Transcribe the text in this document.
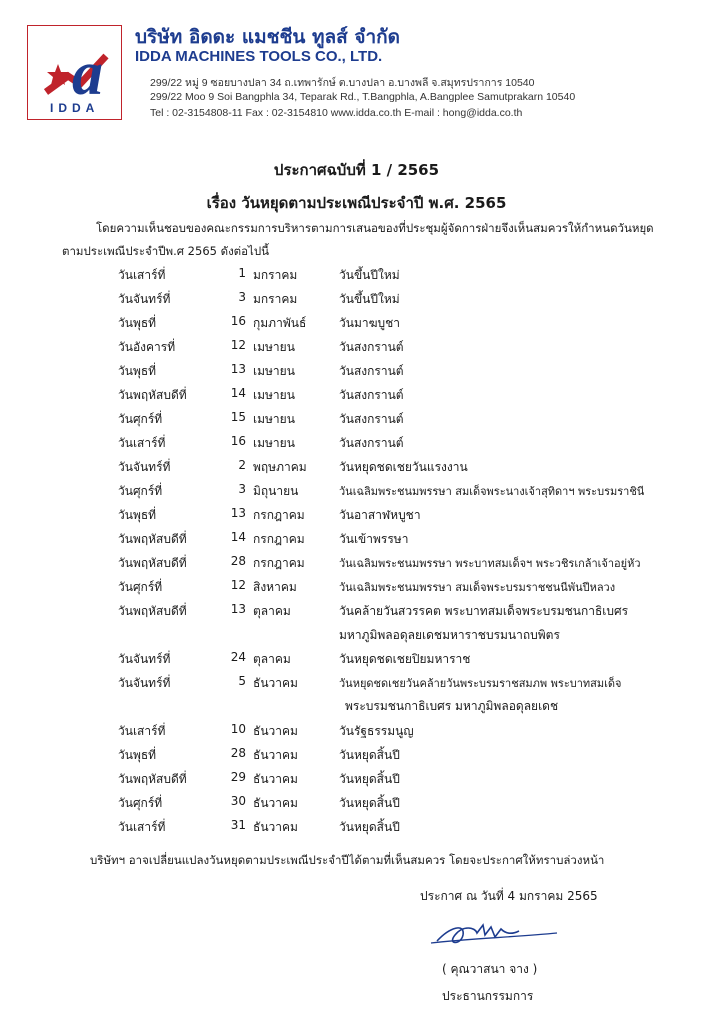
a
IDDA
บริษัท อิดดะ แมชชีน ทูลส์ จำกัด
IDDA MACHINES TOOLS CO., LTD.
299/22 หมู่ 9 ซอยบางปลา 34 ถ.เทพารักษ์ ต.บางปลา อ.บางพลี จ.สมุทรปราการ 10540
299/22 Moo 9 Soi Bangphla 34, Teparak Rd., T.Bangphla, A.Bangplee Samutprakarn 10540
Tel : 02-3154808-11 Fax : 02-3154810 www.idda.co.th E-mail : hong@idda.co.th
ประกาศฉบับที่ 1 / 2565
เรื่อง วันหยุดตามประเพณีประจำปี พ.ศ. 2565
โดยความเห็นชอบของคณะกรรมการบริหารตามการเสนอของที่ประชุมผู้จัดการฝ่ายจึงเห็นสมควรให้กำหนดวันหยุด
ตามประเพณีประจำปีพ.ศ 2565 ดังต่อไปนี้
วันเสาร์ที่	1 มกราคม	วันขึ้นปีใหม่
วันจันทร์ที่	3 มกราคม	วันขึ้นปีใหม่
วันพุธที่	16 กุมภาพันธ์	วันมาฆบูชา
วันอังคารที่	12 เมษายน	วันสงกรานต์
วันพุธที่	13 เมษายน	วันสงกรานต์
วันพฤหัสบดีที่	14 เมษายน	วันสงกรานต์
วันศุกร์ที่	15 เมษายน	วันสงกรานต์
วันเสาร์ที่	16 เมษายน	วันสงกรานต์
วันจันทร์ที่	2 พฤษภาคม	วันหยุดชดเชยวันแรงงาน
วันศุกร์ที่	3 มิถุนายน	วันเฉลิมพระชนมพรรษา สมเด็จพระนางเจ้าสุทิดาฯ พระบรมราชินี
วันพุธที่	13 กรกฎาคม	วันอาสาฬหบูชา
วันพฤหัสบดีที่	14 กรกฎาคม	วันเข้าพรรษา
วันพฤหัสบดีที่	28 กรกฎาคม	วันเฉลิมพระชนมพรรษา พระบาทสมเด็จฯ พระวชิรเกล้าเจ้าอยู่หัว
วันศุกร์ที่	12 สิงหาคม	วันเฉลิมพระชนมพรรษา สมเด็จพระบรมราชชนนีพันปีหลวง
วันพฤหัสบดีที่	13 ตุลาคม	วันคล้ายวันสวรรคต พระบาทสมเด็จพระบรมชนกาธิเบศร
มหาภูมิพลอดุลยเดชมหาราชบรมนาถบพิตร
วันจันทร์ที่	24 ตุลาคม	วันหยุดชดเชยปิยมหาราช
วันจันทร์ที่	5 ธันวาคม	วันหยุดชดเชยวันคล้ายวันพระบรมราชสมภพ พระบาทสมเด็จ
พระบรมชนกาธิเบศร มหาภูมิพลอดุลยเดช
วันเสาร์ที่	10 ธันวาคม	วันรัฐธรรมนูญ
วันพุธที่	28 ธันวาคม	วันหยุดสิ้นปี
วันพฤหัสบดีที่	29 ธันวาคม	วันหยุดสิ้นปี
วันศุกร์ที่	30 ธันวาคม	วันหยุดสิ้นปี
วันเสาร์ที่	31 ธันวาคม	วันหยุดสิ้นปี
บริษัทฯ อาจเปลี่ยนแปลงวันหยุดตามประเพณีประจำปีได้ตามที่เห็นสมควร โดยจะประกาศให้ทราบล่วงหน้า
ประกาศ ณ วันที่ 4 มกราคม 2565
( คุณวาสนา จาง )
ประธานกรรมการ
